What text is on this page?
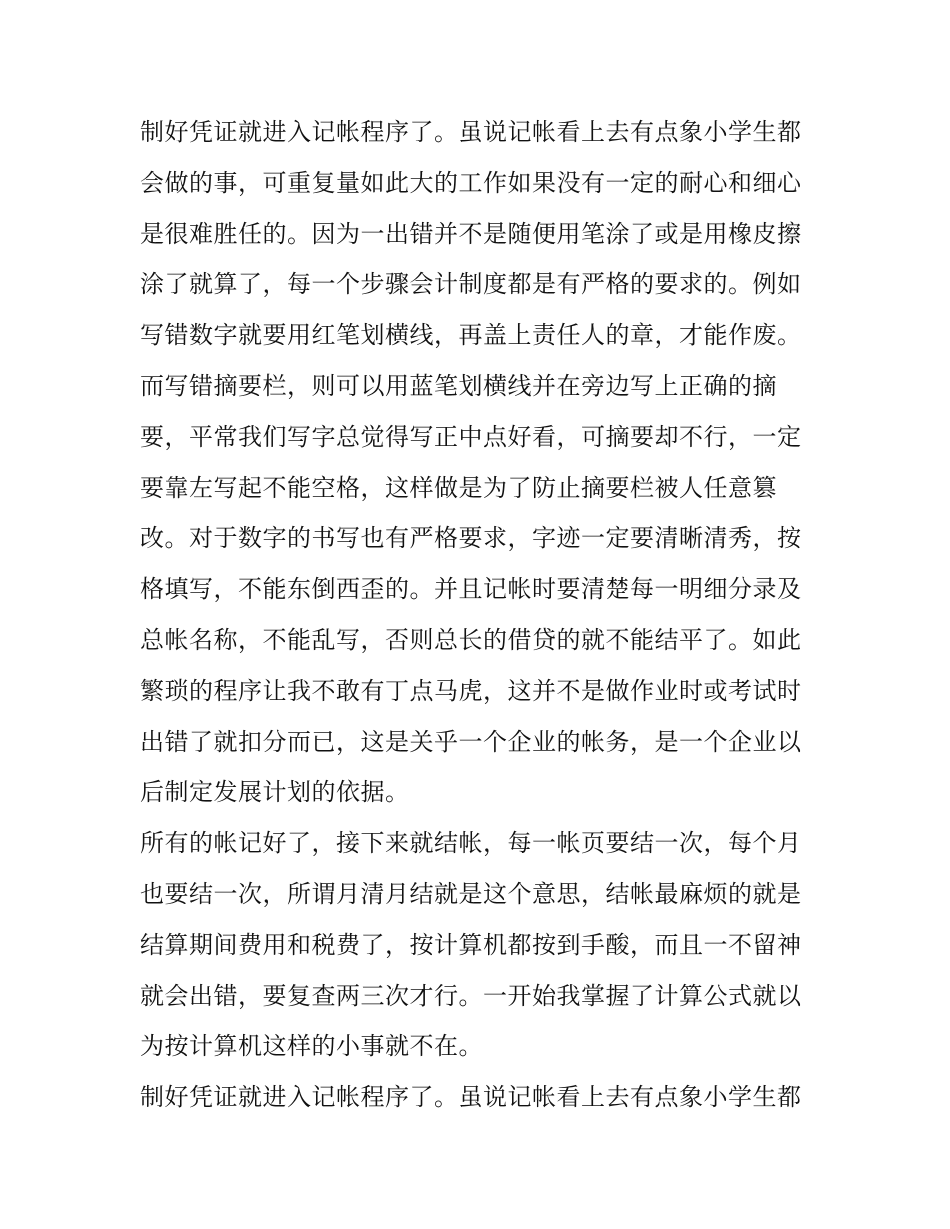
制好凭证就进入记帐程序了。虽说记帐看上去有点象小学生都
会做的事，可重复量如此大的工作如果没有一定的耐心和细心
是很难胜任的。因为一出错并不是随便用笔涂了或是用橡皮擦
涂了就算了，每一个步骤会计制度都是有严格的要求的。例如
写错数字就要用红笔划横线，再盖上责任人的章，才能作废。
而写错摘要栏，则可以用蓝笔划横线并在旁边写上正确的摘
要，平常我们写字总觉得写正中点好看，可摘要却不行，一定
要靠左写起不能空格，这样做是为了防止摘要栏被人任意篡
改。对于数字的书写也有严格要求，字迹一定要清晰清秀，按
格填写，不能东倒西歪的。并且记帐时要清楚每一明细分录及
总帐名称，不能乱写，否则总长的借贷的就不能结平了。如此
繁琐的程序让我不敢有丁点马虎，这并不是做作业时或考试时
出错了就扣分而已，这是关乎一个企业的帐务，是一个企业以
后制定发展计划的依据。
所有的帐记好了，接下来就结帐，每一帐页要结一次，每个月
也要结一次，所谓月清月结就是这个意思，结帐最麻烦的就是
结算期间费用和税费了，按计算机都按到手酸，而且一不留神
就会出错，要复查两三次才行。一开始我掌握了计算公式就以
为按计算机这样的小事就不在。
制好凭证就进入记帐程序了。虽说记帐看上去有点象小学生都
